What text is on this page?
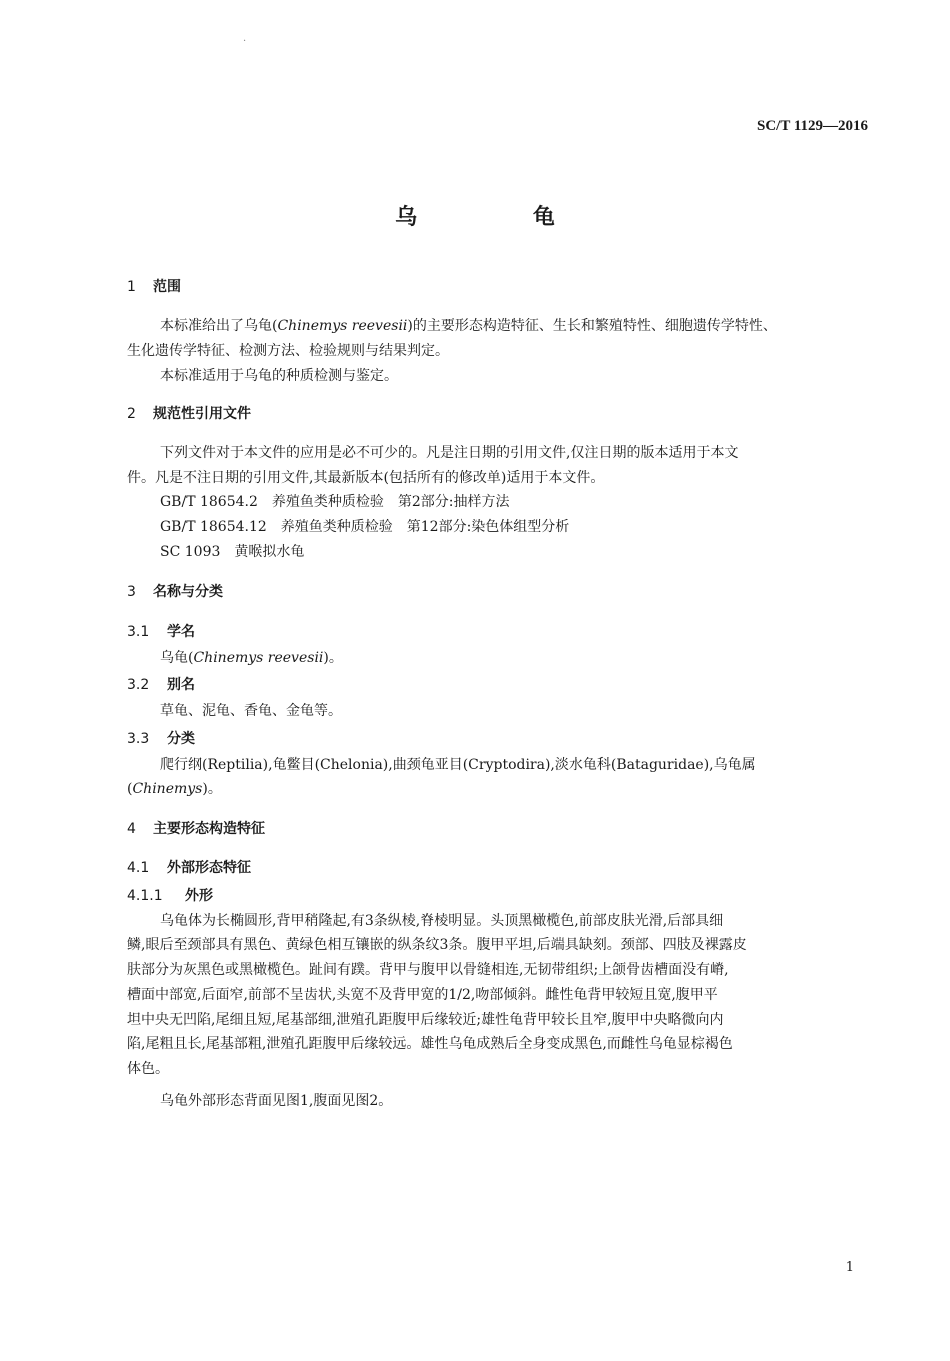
·
SC/T 1129—2016
乌 龟
1 范围
本标准给出了乌龟(Chinemys reevesii)的主要形态构造特征、生长和繁殖特性、细胞遗传学特性、
生化遗传学特征、检测方法、检验规则与结果判定。
本标准适用于乌龟的种质检测与鉴定。
2 规范性引用文件
下列文件对于本文件的应用是必不可少的。凡是注日期的引用文件,仅注日期的版本适用于本文
件。凡是不注日期的引用文件,其最新版本(包括所有的修改单)适用于本文件。
GB/T 18654.2　养殖鱼类种质检验　第2部分:抽样方法
GB/T 18654.12　养殖鱼类种质检验　第12部分:染色体组型分析
SC 1093　黄喉拟水龟
3 名称与分类
3.1 学名
乌龟(Chinemys reevesii)。
3.2 别名
草龟、泥龟、香龟、金龟等。
3.3 分类
爬行纲(Reptilia),龟鳖目(Chelonia),曲颈龟亚目(Cryptodira),淡水龟科(Bataguridae),乌龟属
(Chinemys)。
4 主要形态构造特征
4.1 外部形态特征
4.1.1 外形
乌龟体为长椭圆形,背甲稍隆起,有3条纵棱,脊棱明显。头顶黑橄榄色,前部皮肤光滑,后部具细
鳞,眼后至颈部具有黑色、黄绿色相互镶嵌的纵条纹3条。腹甲平坦,后端具缺刻。颈部、四肢及裸露皮
肤部分为灰黑色或黑橄榄色。趾间有蹼。背甲与腹甲以骨缝相连,无韧带组织;上颌骨齿槽面没有嵴,
槽面中部宽,后面窄,前部不呈齿状,头宽不及背甲宽的1/2,吻部倾斜。雌性龟背甲较短且宽,腹甲平
坦中央无凹陷,尾细且短,尾基部细,泄殖孔距腹甲后缘较近;雄性龟背甲较长且窄,腹甲中央略微向内
陷,尾粗且长,尾基部粗,泄殖孔距腹甲后缘较远。雄性乌龟成熟后全身变成黑色,而雌性乌龟显棕褐色
体色。
乌龟外部形态背面见图1,腹面见图2。
1
